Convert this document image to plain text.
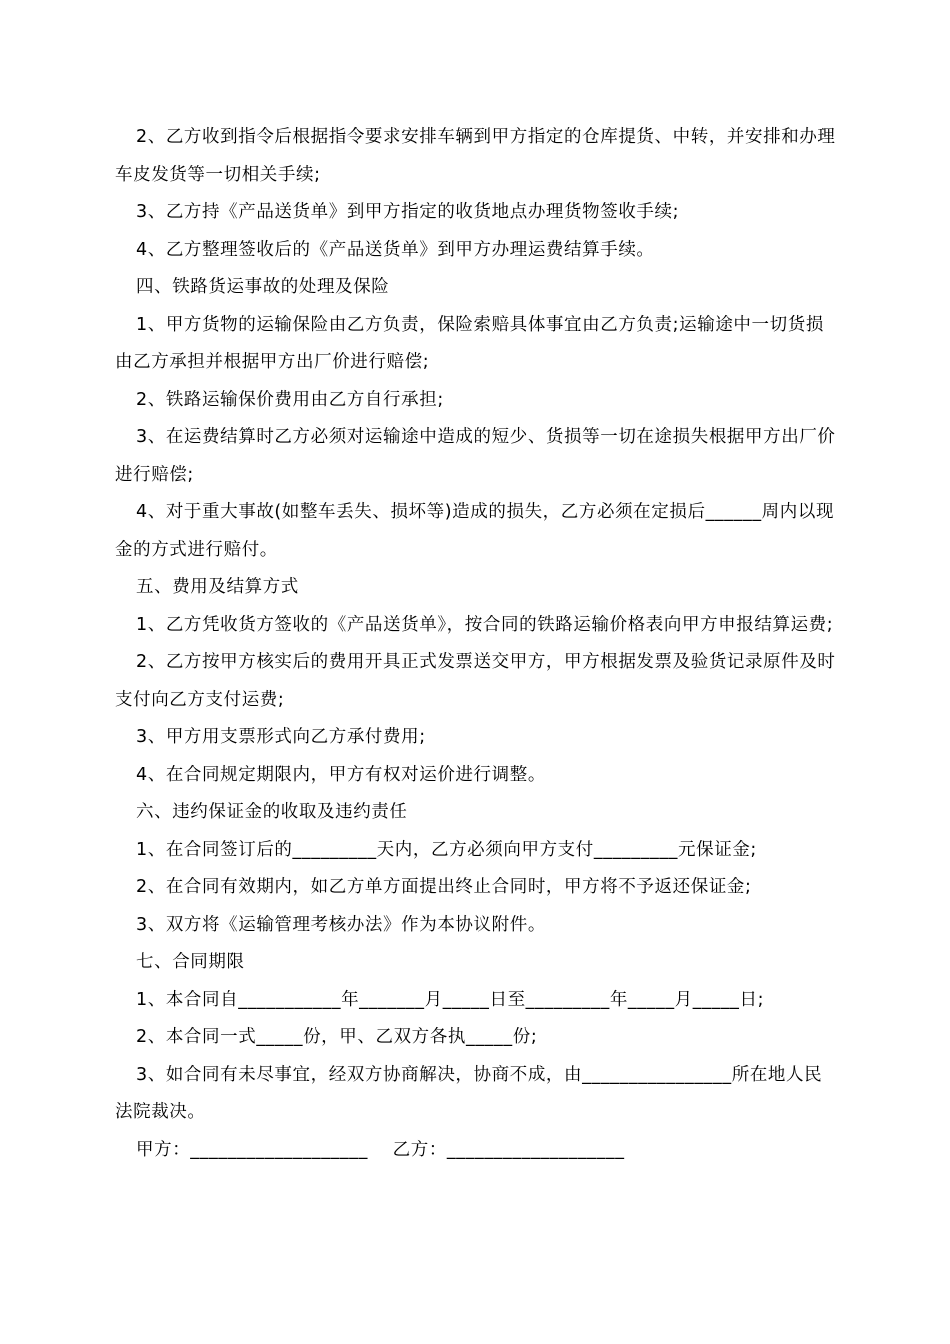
2、乙方收到指令后根据指令要求安排车辆到甲方指定的仓库提货、中转，并安排和办理车皮发货等一切相关手续;

3、乙方持《产品送货单》到甲方指定的收货地点办理货物签收手续;

4、乙方整理签收后的《产品送货单》到甲方办理运费结算手续。

四、铁路货运事故的处理及保险

1、甲方货物的运输保险由乙方负责，保险索赔具体事宜由乙方负责;运输途中一切货损由乙方承担并根据甲方出厂价进行赔偿;

2、铁路运输保价费用由乙方自行承担;

3、在运费结算时乙方必须对运输途中造成的短少、货损等一切在途损失根据甲方出厂价进行赔偿;

4、对于重大事故(如整车丢失、损坏等)造成的损失，乙方必须在定损后______周内以现金的方式进行赔付。

五、费用及结算方式

1、乙方凭收货方签收的《产品送货单》，按合同的铁路运输价格表向甲方申报结算运费;

2、乙方按甲方核实后的费用开具正式发票送交甲方，甲方根据发票及验货记录原件及时支付向乙方支付运费;

3、甲方用支票形式向乙方承付费用;

4、在合同规定期限内，甲方有权对运价进行调整。

六、违约保证金的收取及违约责任

1、在合同签订后的_________天内，乙方必须向甲方支付_________元保证金;

2、在合同有效期内，如乙方单方面提出终止合同时，甲方将不予返还保证金;

3、双方将《运输管理考核办法》作为本协议附件。

七、合同期限

1、本合同自___________年_______月_____日至_________年_____月_____日;

2、本合同一式_____份，甲、乙双方各执_____份;

3、如合同有未尽事宜，经双方协商解决，协商不成，由________________所在地人民法院裁决。

甲方：___________________ 乙方：___________________
